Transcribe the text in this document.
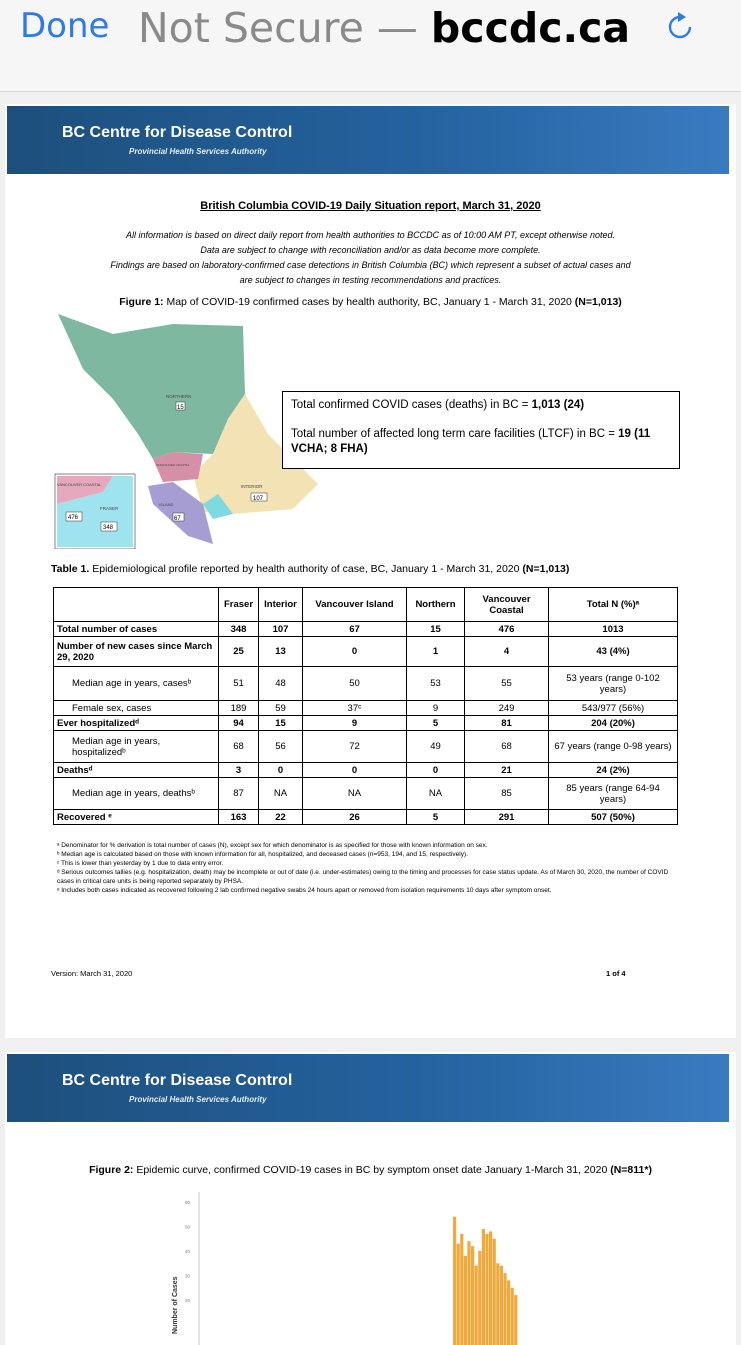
Done Not Secure — bccdc.ca
BC Centre for Disease Control
Provincial Health Services Authority
British Columbia COVID-19 Daily Situation report, March 31, 2020
All information is based on direct daily report from health authorities to BCCDC as of 10:00 AM PT, except otherwise noted.
Data are subject to change with reconciliation and/or as data become more complete.
Findings are based on laboratory-confirmed case detections in British Columbia (BC) which represent a subset of actual cases and
are subject to changes in testing recommendations and practices.
Figure 1: Map of COVID-19 confirmed cases by health authority, BC, January 1 - March 31, 2020 (N=1,013)
NORTHERN
15
INTERIOR
107
VANCOUVER COASTAL
476
FRASER
348
ISLAND
67
VANCOUVER COASTAL
Total confirmed COVID cases (deaths) in BC = 1,013 (24)
Total number of affected long term care facilities (LTCF) in BC = 19 (11 VCHA; 8 FHA)
Table 1. Epidemiological profile reported by health authority of case, BC, January 1 - March 31, 2020 (N=1,013)
	Fraser	Interior	Vancouver Island	Northern	Vancouver Coastal	Total N (%)ᵃ
Total number of cases	348	107	67	15	476	1013
Number of new cases since March 29, 2020	25	13	0	1	4	43 (4%)
Median age in years, casesᵇ	51	48	50	53	55	53 years (range 0-102 years)
Female sex, cases	189	59	37ᶜ	9	249	543/977 (56%)
Ever hospitalizedᵈ	94	15	9	5	81	204 (20%)
Median age in years, hospitalizedᵇ	68	56	72	49	68	67 years (range 0-98 years)
Deathsᵈ	3	0	0	0	21	24 (2%)
Median age in years, deathsᵇ	87	NA	NA	NA	85	85 years (range 64-94 years)
Recovered ᵉ	163	22	26	5	291	507 (50%)
ᵃ Denominator for % derivation is total number of cases (N), except sex for which denominator is as specified for those with known information on sex.
ᵇ Median age is calculated based on those with known information for all, hospitalized, and deceased cases (n=953, 194, and 15, respectively).
ᶜ This is lower than yesterday by 1 due to data entry error.
ᵈ Serious outcomes tallies (e.g. hospitalization, death) may be incomplete or out of date (i.e. under-estimates) owing to the timing and processes for case status update. As of March 30, 2020, the number of COVID cases in critical care units is being reported separately by PHSA.
ᵉ Includes both cases indicated as recovered following 2 lab confirmed negative swabs 24 hours apart or removed from isolation requirements 10 days after symptom onset.
Version: March 31, 2020	1 of 4
BC Centre for Disease Control
Provincial Health Services Authority
Figure 2: Epidemic curve, confirmed COVID-19 cases in BC by symptom onset date January 1-March 31, 2020 (N=811*)
Number of Cases 20
30
40
50
60
